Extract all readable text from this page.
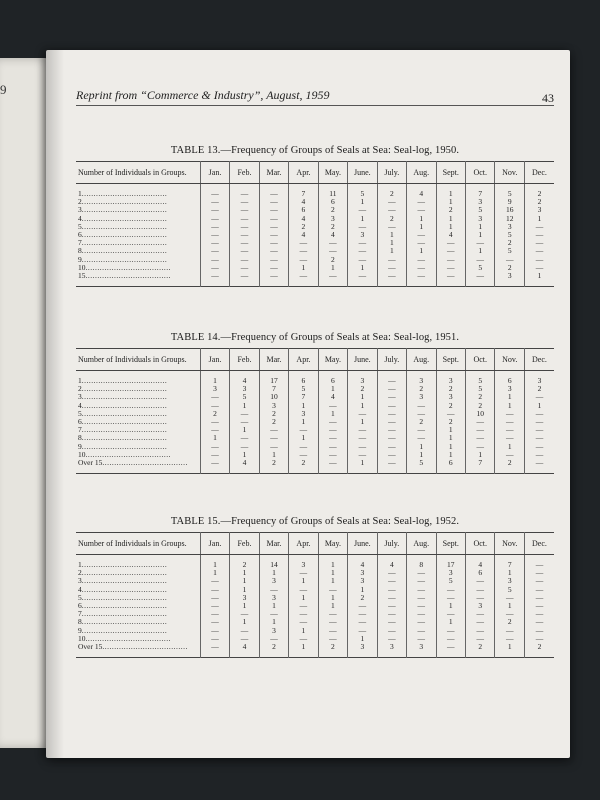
9	Reprint from “Commerce & Industry”, August, 1959	43
TABLE 13.—Frequency of Groups of Seals at Sea: Seal-log, 1950.
Number of Individuals in Groups.	Jan.	Feb.	Mar.	Apr.	May.	June.	July.	Aug.	Sept.	Oct.	Nov.	Dec.

1....................................	—	—	—	7	11	5	2	4	1	7	5	2
2....................................	—	—	—	4	6	1	—	—	1	3	9	2
3....................................	—	—	—	6	2	—	—	—	2	5	16	3
4....................................	—	—	—	4	3	1	2	1	1	3	12	1
5....................................	—	—	—	2	2	—	—	1	1	1	3	—
6....................................	—	—	—	4	4	3	1	—	4	1	5	—
7....................................	—	—	—	—	—	—	1	—	—	—	2	—
8....................................	—	—	—	—	—	—	1	1	—	1	5	—
9....................................	—	—	—	—	2	—	—	—	—	—	—	—
10....................................	—	—	—	1	1	1	—	—	—	5	2	—
15....................................	—	—	—	—	—	—	—	—	—	—	3	1

TABLE 14.—Frequency of Groups of Seals at Sea: Seal-log, 1951.
Number of Individuals in Groups.	Jan.	Feb.	Mar.	Apr.	May.	June.	July.	Aug.	Sept.	Oct.	Nov.	Dec.

1....................................	1	4	17	6	6	3	—	3	3	5	6	3
2....................................	3	3	7	5	1	2	—	2	2	5	3	2
3....................................	—	5	10	7	4	1	—	3	3	2	1	—
4....................................	—	1	3	1	—	1	—	—	2	2	1	1
5....................................	2	—	2	3	1	—	—	—	—	10	—	—
6....................................	—	—	2	1	—	1	—	2	2	—	—	—
7....................................	—	1	—	—	—	—	—	—	1	—	—	—
8....................................	1	—	—	1	—	—	—	—	1	—	—	—
9....................................	—	—	—	—	—	—	—	1	1	—	1	—
10....................................	—	1	1	—	—	—	—	1	1	1	—	—
Over 15....................................	—	4	2	2	—	1	—	5	6	7	2	—

TABLE 15.—Frequency of Groups of Seals at Sea: Seal-log, 1952.
Number of Individuals in Groups.	Jan.	Feb.	Mar.	Apr.	May.	June.	July.	Aug.	Sept.	Oct.	Nov.	Dec.

1....................................	1	2	14	3	1	4	4	8	17	4	7	—
2....................................	1	1	1	—	1	3	—	—	3	6	1	—
3....................................	—	1	3	1	1	3	—	—	5	—	3	—
4....................................	—	1	—	—	—	1	—	—	—	—	5	—
5....................................	—	3	3	1	1	2	—	—	—	—	—	—
6....................................	—	1	1	—	1	—	—	—	1	3	1	—
7....................................	—	—	—	—	—	—	—	—	—	—	—	—
8....................................	—	1	1	—	—	—	—	—	1	—	2	—
9....................................	—	—	3	1	—	—	—	—	—	—	—	—
10....................................	—	—	—	—	—	1	—	—	—	—	—	—
Over 15....................................	—	4	2	1	2	3	3	3	—	2	1	2
